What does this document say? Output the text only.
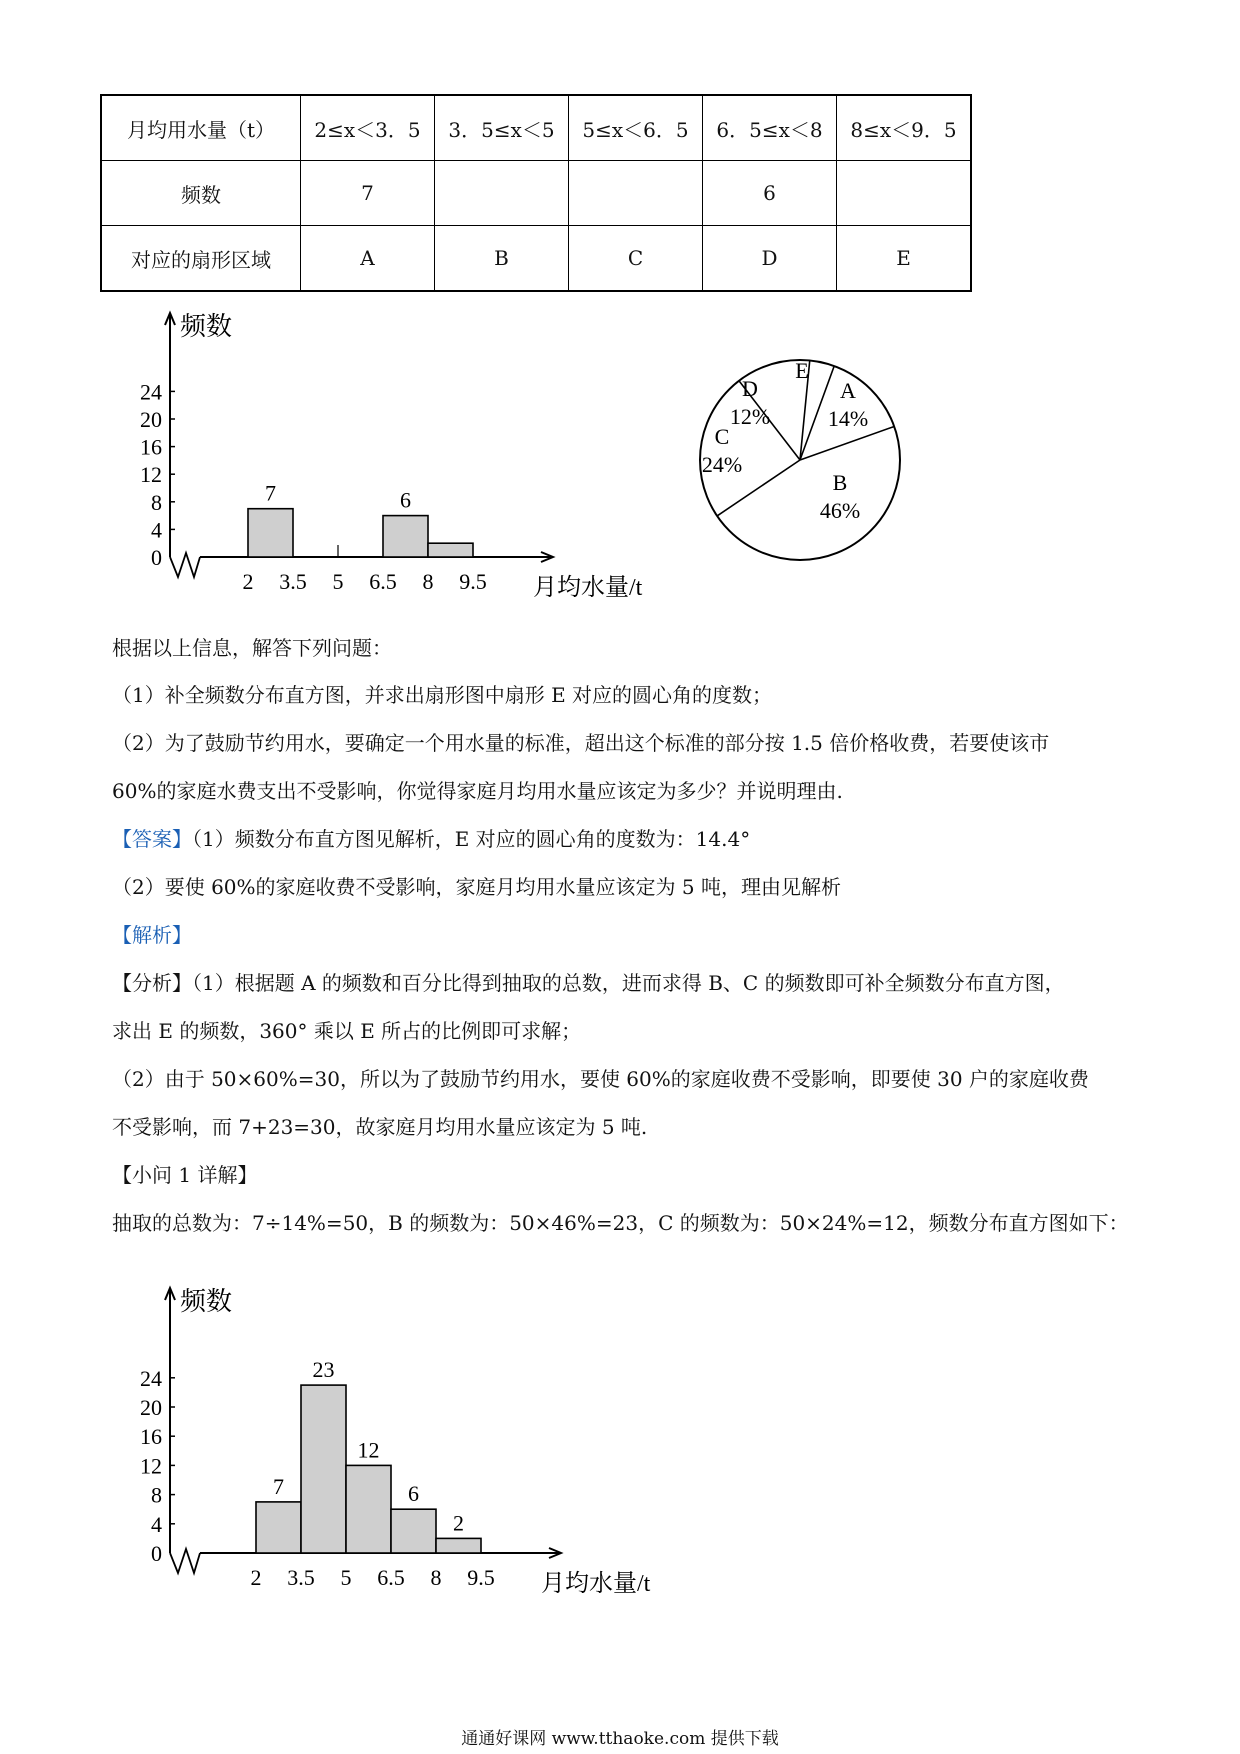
月均用水量（t）	2≤x＜3．5	3．5≤x＜5	5≤x＜6．5	6．5≤x＜8	8≤x＜9．5
频数	7			6	
对应的扇形区域	A	B	C	D	E
频数
月均水量/t
0
4
8
12
16
20
24
7	6
2 3.5 5 6.5 8 9.5
A
14%
B
46%
C
24%
D
12%
E
根据以上信息，解答下列问题：
（1）补全频数分布直方图，并求出扇形图中扇形 E 对应的圆心角的度数；
（2）为了鼓励节约用水，要确定一个用水量的标准，超出这个标准的部分按 1.5 倍价格收费，若要使该市
60%的家庭水费支出不受影响，你觉得家庭月均用水量应该定为多少？并说明理由.
【答案】（1）频数分布直方图见解析，E 对应的圆心角的度数为：14.4°
（2）要使 60%的家庭收费不受影响，家庭月均用水量应该定为 5 吨，理由见解析
【解析】
【分析】（1）根据题 A 的频数和百分比得到抽取的总数，进而求得 B、C 的频数即可补全频数分布直方图，
求出 E 的频数，360° 乘以 E 所占的比例即可求解；
（2）由于 50×60%=30，所以为了鼓励节约用水，要使 60%的家庭收费不受影响，即要使 30 户的家庭收费
不受影响，而 7+23=30，故家庭月均用水量应该定为 5 吨.
【小问 1 详解】
抽取的总数为：7÷14%=50，B 的频数为：50×46%=23，C 的频数为：50×24%=12，频数分布直方图如下：
频数
月均水量/t
0
4
8
12
16
20
24
7
23
12
6
2
2 3.5 5 6.5 8 9.5
通通好课网 www.tthaoke.com 提供下载
